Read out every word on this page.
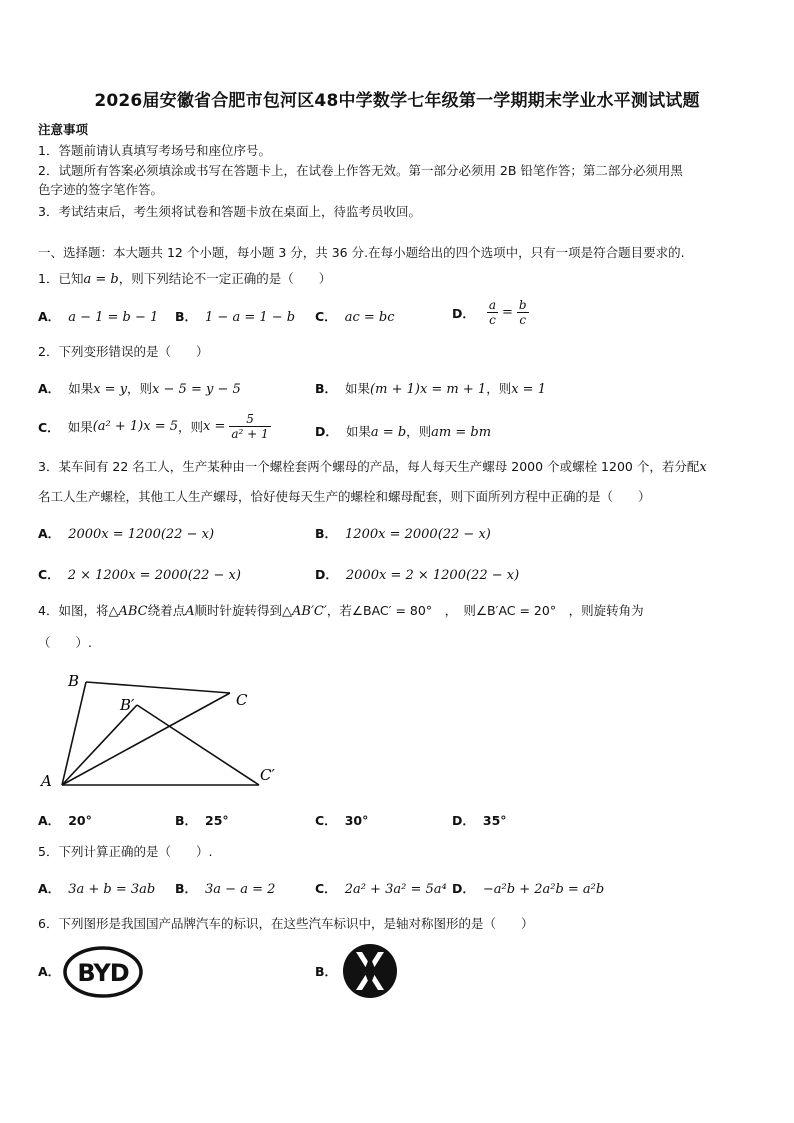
2026届安徽省合肥市包河区48中学数学七年级第一学期期末学业水平测试试题
注意事项
1．答题前请认真填写考场号和座位序号。
2．试题所有答案必须填涂或书写在答题卡上，在试卷上作答无效。第一部分必须用 2B 铅笔作答；第二部分必须用黑
色字迹的签字笔作答。
3．考试结束后，考生须将试卷和答题卡放在桌面上，待监考员收回。
一、选择题：本大题共 12 个小题，每小题 3 分，共 36 分.在每小题给出的四个选项中，只有一项是符合题目要求的.
1．已知a = b，则下列结论不一定正确的是（　　）
A． a − 1 = b − 1 B． 1 − a = 1 − b C． ac = bc	D． $\frac{a}{c} = \frac{b}{c}$
2．下列变形错误的是（　　）
A． 如果x = y，则x − 5 = y − 5	B． 如果(m + 1)x = m + 1，则x = 1
C． 如果(a² + 1)x = 5，则$x = \frac{5}{\text{a² + 1}}$	D． 如果a = b，则am = bm
3．某车间有 22 名工人，生产某种由一个螺栓套两个螺母的产品，每人每天生产螺母 2000 个或螺栓 1200 个，若分配x
名工人生产螺栓，其他工人生产螺母，恰好使每天生产的螺栓和螺母配套，则下面所列方程中正确的是（　　）
A． 2000x = 1200(22 − x)	B． 1200x = 2000(22 − x)
C． 2 × 1200x = 2000(22 − x)	D． 2000x = 2 × 1200(22 − x)
4．如图，将△ABC绕着点A顺时针旋转得到△AB′C′，若∠BAC′ = 80°　，　则∠B′AC = 20°　，则旋转角为
（　　）.
B
B′	C
A	C′
A． 20°	B． 25°	C． 30°	D． 35°
5．下列计算正确的是（　　）.
A． 3a + b = 3ab B． 3a − a = 2	C． 2a² + 3a² = 5a⁴ D． −a²b + 2a²b = a²b
6．下列图形是我国国产品牌汽车的标识，在这些汽车标识中，是轴对称图形的是（　　）
A． BYD	B．
